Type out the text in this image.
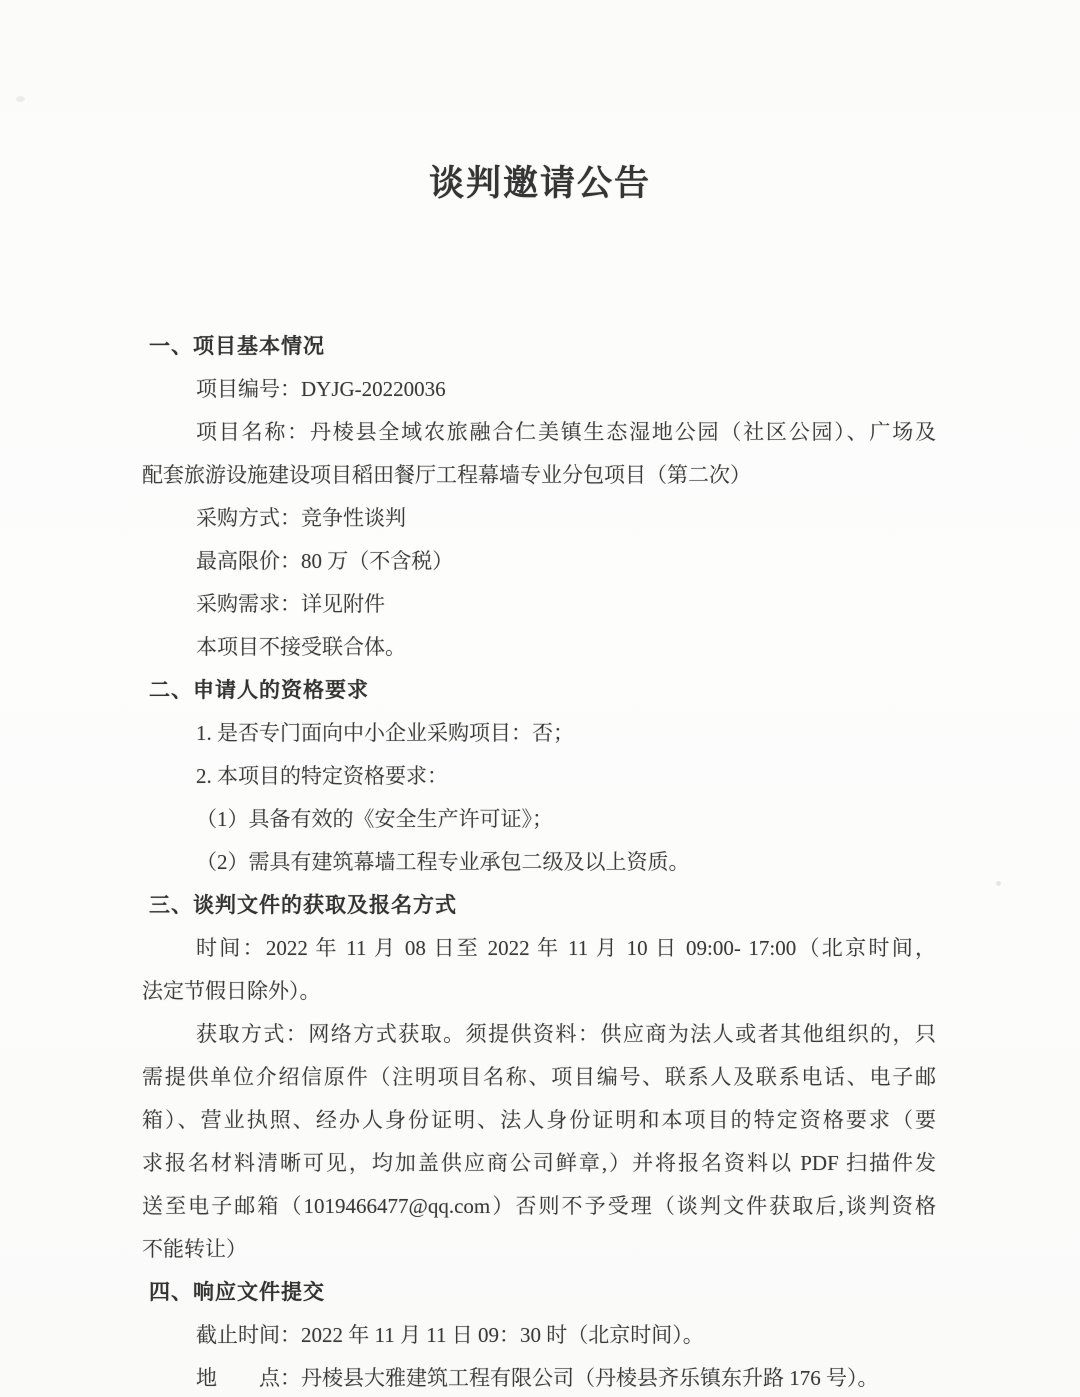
谈判邀请公告
一、项目基本情况
项目编号：DYJG-20220036
项目名称：丹棱县全域农旅融合仁美镇生态湿地公园（社区公园）、广场及
配套旅游设施建设项目稻田餐厅工程幕墙专业分包项目（第二次）
采购方式：竞争性谈判
最高限价：80 万（不含税）
采购需求：详见附件
本项目不接受联合体。
二、申请人的资格要求
1. 是否专门面向中小企业采购项目：否；
2. 本项目的特定资格要求：
（1）具备有效的《安全生产许可证》；
（2）需具有建筑幕墙工程专业承包二级及以上资质。
三、谈判文件的获取及报名方式
时间：2022 年 11 月 08 日至 2022 年 11 月 10 日 09:00- 17:00（北京时间，
法定节假日除外）。
获取方式：网络方式获取。须提供资料：供应商为法人或者其他组织的，只
需提供单位介绍信原件（注明项目名称、项目编号、联系人及联系电话、电子邮
箱）、营业执照、经办人身份证明、法人身份证明和本项目的特定资格要求（要
求报名材料清晰可见，均加盖供应商公司鲜章,）并将报名资料以 PDF 扫描件发
送至电子邮箱（1019466477@qq.com）否则不予受理（谈判文件获取后,谈判资格
不能转让）
四、响应文件提交
截止时间：2022 年 11 月 11 日 09：30 时（北京时间）。
地　　点：丹棱县大雅建筑工程有限公司（丹棱县齐乐镇东升路 176 号）。
